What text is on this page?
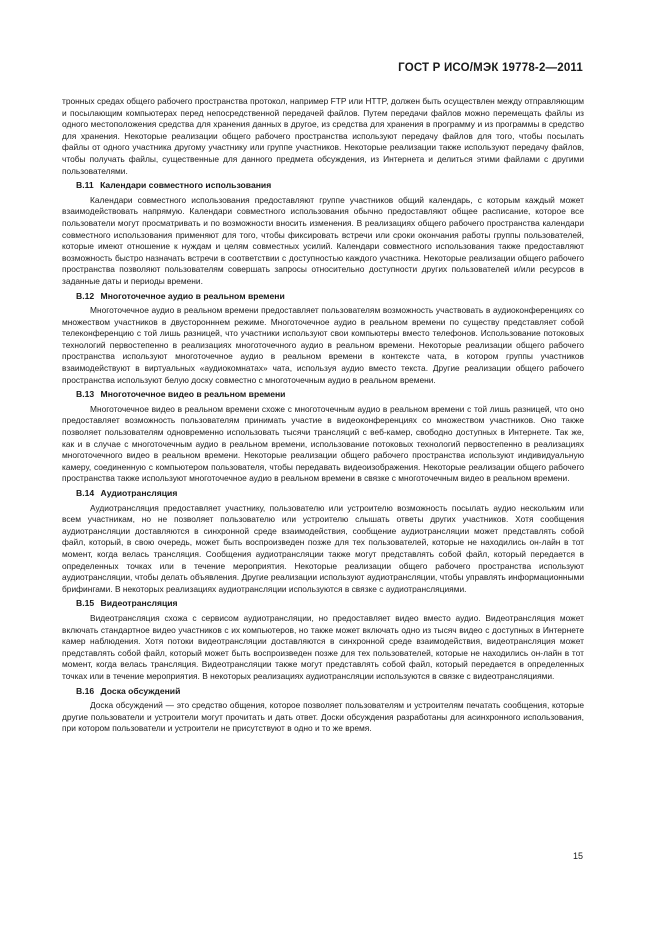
ГОСТ Р ИСО/МЭК 19778-2—2011

тронных средах общего рабочего пространства протокол, например FTP или HTTP, должен быть осуществлен между отправляющим и посылающим компьютерах перед непосредственной передачей файлов. Путем передачи файлов можно перемещать файлы из одного местоположения средства для хранения данных в другое, из средства для хранения в программу и из программы в средство для хранения. Некоторые реализации общего рабочего пространства используют передачу файлов для того, чтобы посылать файлы от одного участника другому участнику или группе участников. Некоторые реализации также используют передачу файлов, чтобы получать файлы, существенные для данного предмета обсуждения, из Интернета и делиться этими файлами с другими пользователями.

В.11 Календари совместного использования

Календари совместного использования предоставляют группе участников общий календарь, с которым каждый может взаимодействовать напрямую. Календари совместного использования обычно предоставляют общее расписание, которое все пользователи могут просматривать и по возможности вносить изменения. В реализациях общего рабочего пространства календари совместного использования применяют для того, чтобы фиксировать встречи или сроки окончания работы группы пользователей, которые имеют отношение к нуждам и целям совместных усилий. Календари совместного использования также предоставляют возможность быстро назначать встречи в соответствии с доступностью каждого участника. Некоторые реализации общего рабочего пространства позволяют пользователям совершать запросы относительно доступности других пользователей и/или ресурсов в заданные даты и периоды времени.

В.12 Многоточечное аудио в реальном времени

Многоточечное аудио в реальном времени предоставляет пользователям возможность участвовать в аудиоконференциях со множеством участников в двусторонннем режиме. Многоточечное аудио в реальном времени по существу представляет собой телеконференцию с той лишь разницей, что участники используют свои компьютеры вместо телефонов. Использование потоковых технологий первостепенно в реализациях многоточечного аудио в реальном времени. Некоторые реализации общего рабочего пространства используют многоточечное аудио в реальном времени в контексте чата, в котором группы участников взаимодействуют в виртуальных «аудиокомнатах» чата, используя аудио вместо текста. Другие реализации общего рабочего пространства используют белую доску совместно с многоточечным аудио в реальном времени.

В.13 Многоточечное видео в реальном времени

Многоточечное видео в реальном времени схоже с многоточечным аудио в реальном времени с той лишь разницей, что оно предоставляет возможность пользователям принимать участие в видеоконференциях со множеством участников. Оно также позволяет пользователям одновременно использовать тысячи трансляций с веб-камер, свободно доступных в Интернете. Так же, как и в случае с многоточечным аудио в реальном времени, использование потоковых технологий первостепенно в реализациях многоточечного видео в реальном времени. Некоторые реализации общего рабочего пространства используют индивидуальную камеру, соединенную с компьютером пользователя, чтобы передавать видеоизображения. Некоторые реализации общего рабочего пространства также используют многоточечное аудио в реальном времени в связке с многоточечным видео в реальном времени.

В.14 Аудиотрансляция

Аудиотрансляция предоставляет участнику, пользователю или устроителю возможность посылать аудио нескольким или всем участникам, но не позволяет пользователю или устроителю слышать ответы других участников. Хотя сообщения аудиотрансляции доставляются в синхронной среде взаимодействия, сообщение аудиотрансляции может представлять собой файл, который, в свою очередь, может быть воспроизведен позже для тех пользователей, которые не находились он-лайн в тот момент, когда велась трансляция. Сообщения аудиотрансляции также могут представлять собой файл, который передается в определенных точках или в течение мероприятия. Некоторые реализации общего рабочего пространства используют аудиотрансляции, чтобы делать объявления. Другие реализации используют аудиотрансляции, чтобы управлять информационными брифингами. В некоторых реализациях аудиотрансляции используются в связке с аудиотрансляциями.

В.15 Видеотрансляция

Видеотрансляция схожа с сервисом аудиотрансляции, но предоставляет видео вместо аудио. Видеотрансляция может включать стандартное видео участников с их компьютеров, но также может включать одно из тысяч видео с доступных в Интернете камер наблюдения. Хотя потоки видеотрансляции доставляются в синхронной среде взаимодействия, видеотрансляция может представлять собой файл, который может быть воспроизведен позже для тех пользователей, которые не находились он-лайн в тот момент, когда велась трансляция. Видеотрансляции также могут представлять собой файл, который передается в определенных точках или в течение мероприятия. В некоторых реализациях аудиотрансляции используются в связке с видеотрансляциями.

В.16 Доска обсуждений

Доска обсуждений — это средство общения, которое позволяет пользователям и устроителям печатать сообщения, которые другие пользователи и устроители могут прочитать и дать ответ. Доски обсуждения разработаны для асинхронного использования, при котором пользователи и устроители не присутствуют в одно и то же время.

15
